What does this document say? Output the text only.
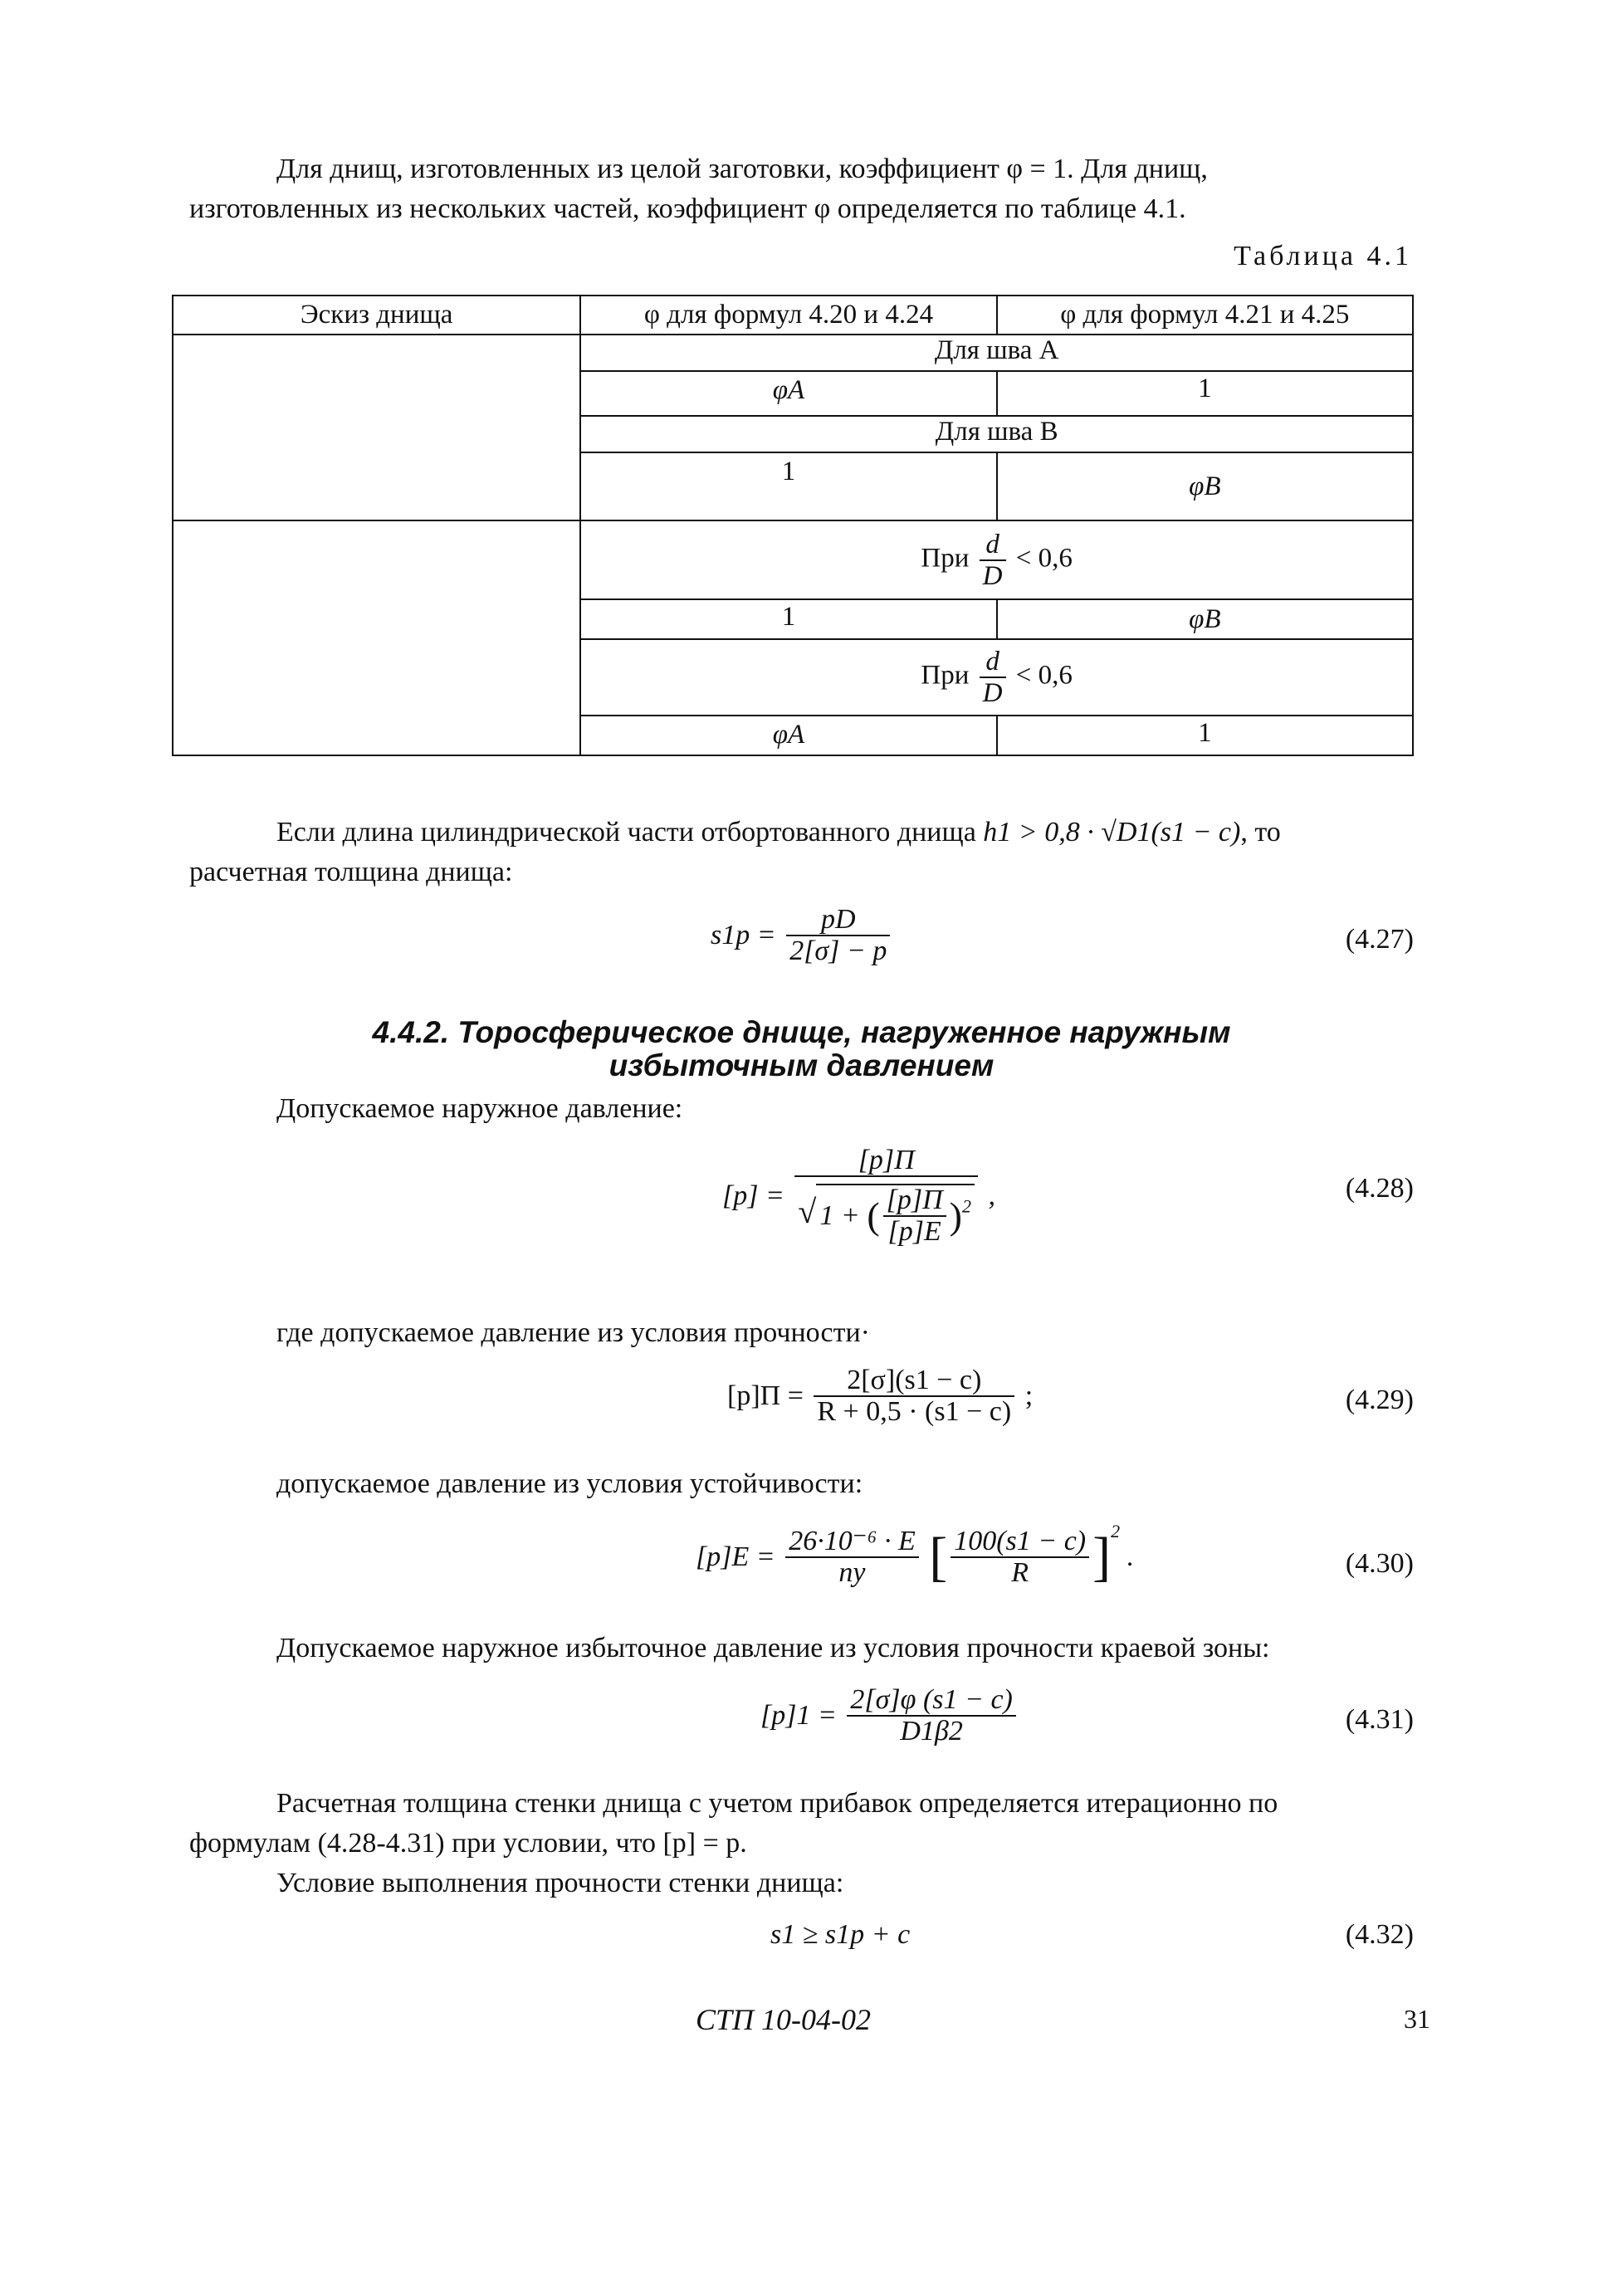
Для днищ, изготовленных из целой заготовки, коэффициент φ = 1. Для днищ,
изготовленных из нескольких частей, коэффициент φ определяется по таблице 4.1.
Таблица 4.1
Эскиз днища	φ для формул 4.20 и 4.24	φ для формул 4.21 и 4.25
	Для шва А	
	φA	1
	Для шва В	
	1	φB
	При $\frac{d}{D} < 0,6$	
	1	φB
	При $\frac{d}{D} < 0,6$	
	φA	1
Если длина цилиндрической части отбортованного днища h1 > 0,8 · √D1(s1 − c), то
расчетная толщина днища:
$s1p = \frac{pD}{2[\sigma] - p}$	(4.27)
4.4.2. Торосферическое днище, нагруженное наружным
избыточным давлением
Допускаемое наружное давление:
[p] =
[p]П
√ 1 + ( $\frac{[p]П}{[p]E} )^2$ ,	(4.28)
где допускаемое давление из условия прочности·
$[p]П = \frac{2[\sigma](s1 - c)}{R + 0,5 \cdot (s1 - c)}$ ;	(4.29)
допускаемое давление из условия устойчивости:
$[p]E = \frac{\text{26·10⁻⁶ · E}}{ny}$ [ $\frac{100(s1 - c)}{R} ]^2$ .	(4.30)
Допускаемое наружное избыточное давление из условия прочности краевой зоны:
$[p]1 = \frac{2[\sigma]\varphi (s1 - c)}{D1\beta 2}$	(4.31)
Расчетная толщина стенки днища с учетом прибавок определяется итерационно по
формулам (4.28-4.31) при условии, что [p] = p.
Условие выполнения прочности стенки днища:
s1 ≥ s1p + c	(4.32)
СТП 10-04-02	31
